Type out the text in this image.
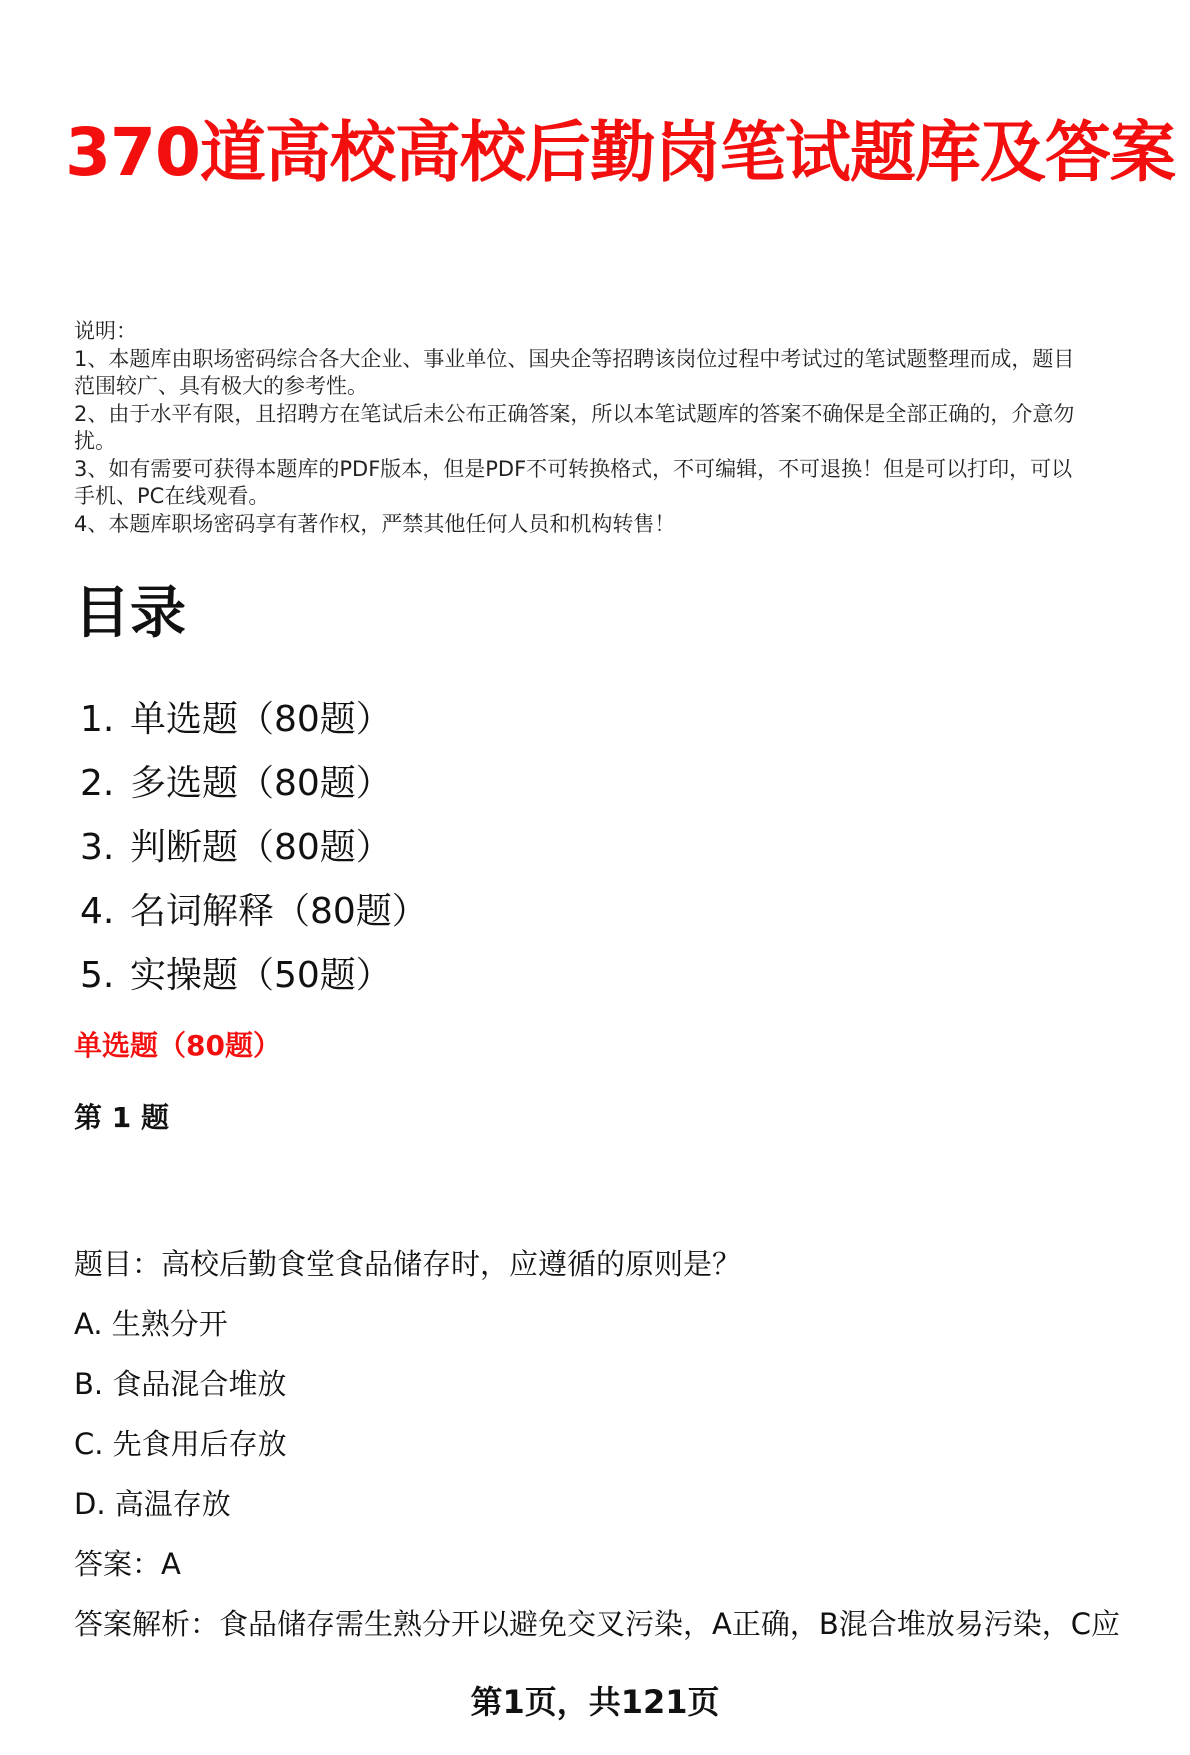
370道高校高校后勤岗笔试题库及答案
说明：
1、本题库由职场密码综合各大企业、事业单位、国央企等招聘该岗位过程中考试过的笔试题整理而成，题目
范围较广、具有极大的参考性。
2、由于水平有限，且招聘方在笔试后未公布正确答案，所以本笔试题库的答案不确保是全部正确的，介意勿
扰。
3、如有需要可获得本题库的PDF版本，但是PDF不可转换格式，不可编辑，不可退换！但是可以打印，可以
手机、PC在线观看。
4、本题库职场密码享有著作权，严禁其他任何人员和机构转售！
目录
1. 单选题（80题）
2. 多选题（80题）
3. 判断题（80题）
4. 名词解释（80题）
5. 实操题（50题）
单选题（80题）
第 1 题
题目：高校后勤食堂食品储存时，应遵循的原则是？
A. 生熟分开
B. 食品混合堆放
C. 先食用后存放
D. 高温存放
答案：A
答案解析：食品储存需生熟分开以避免交叉污染，A正确，B混合堆放易污染，C应
第1页，共121页
